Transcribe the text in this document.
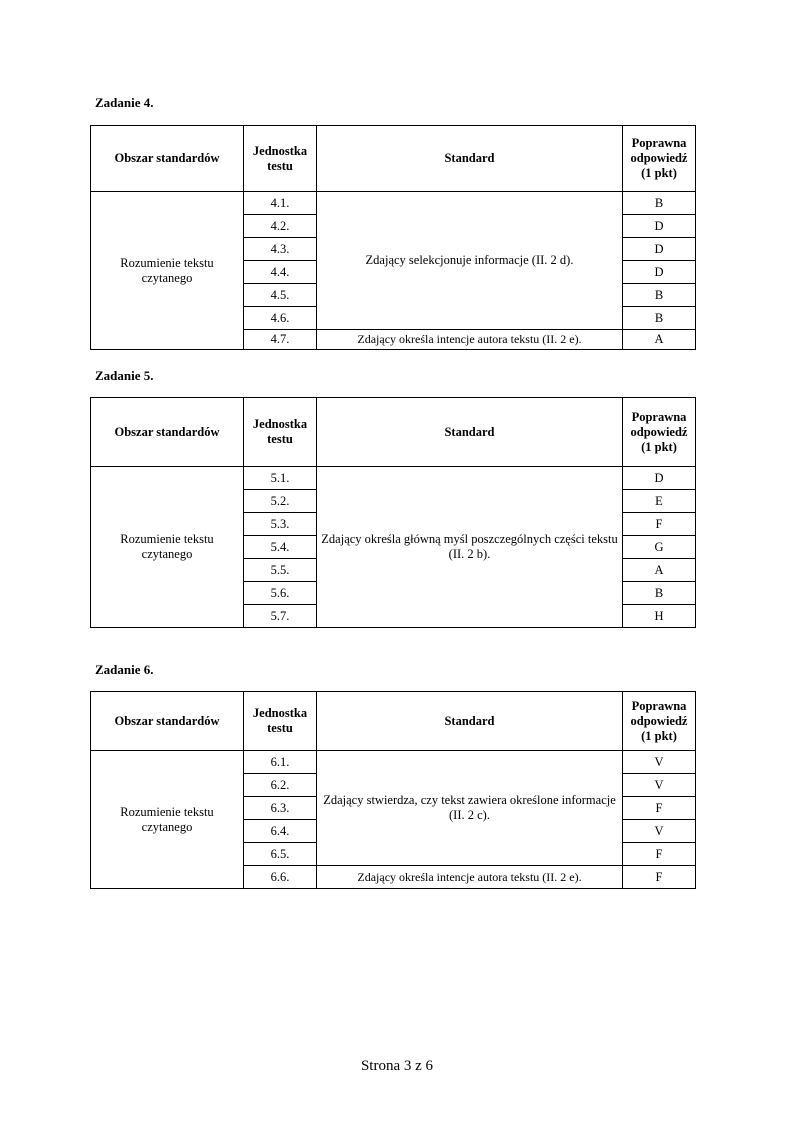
Zadanie 4.
Obszar standardów	Jednostka testu	Standard	Poprawna odpowiedź (1 pkt)
Rozumienie tekstu czytanego	4.1.	Zdający selekcjonuje informacje (II. 2 d).	B
	4.2.		D
	4.3.		D
	4.4.		D
	4.5.		B
	4.6.		B
	4.7.	Zdający określa intencje autora tekstu (II. 2 e).	A
Zadanie 5.
Obszar standardów	Jednostka testu	Standard	Poprawna odpowiedź (1 pkt)
Rozumienie tekstu czytanego	5.1.	Zdający określa główną myśl poszczególnych części tekstu (II. 2 b).	D
	5.2.		E
	5.3.		F
	5.4.		G
	5.5.		A
	5.6.		B
	5.7.		H
Zadanie 6.
Obszar standardów	Jednostka testu	Standard	Poprawna odpowiedź (1 pkt)
Rozumienie tekstu czytanego	6.1.	Zdający stwierdza, czy tekst zawiera określone informacje (II. 2 c).	V
	6.2.		V
	6.3.		F
	6.4.		V
	6.5.		F
	6.6.	Zdający określa intencje autora tekstu (II. 2 e).	F
Strona 3 z 6
